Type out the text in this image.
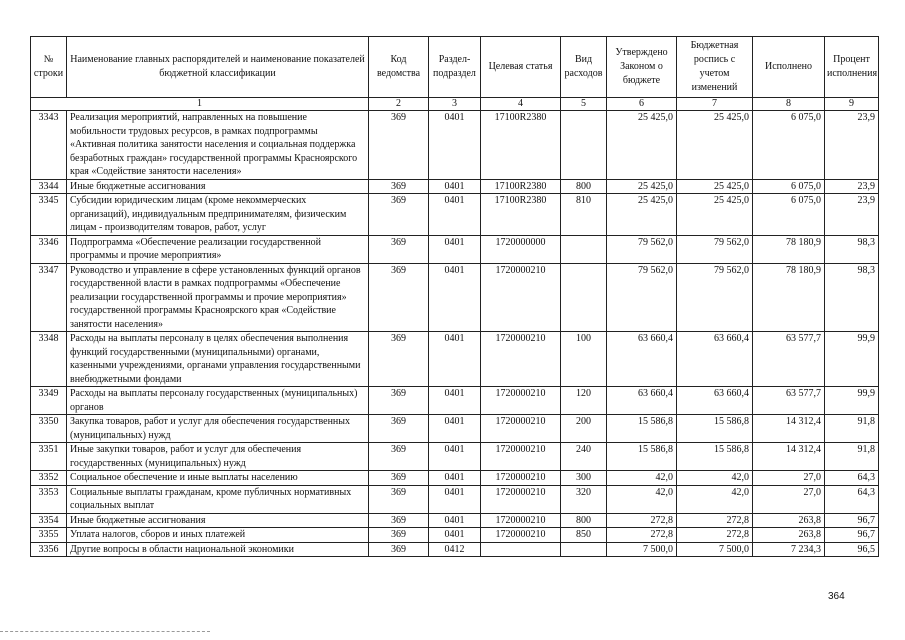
№ строки	Наименование главных распорядителей и наименование показателей бюджетной классификации	Код ведомства	Раздел-подраздел	Целевая статья	Вид расходов	Утверждено Законом о бюджете	Бюджетная роспись с учетом изменений	Исполнено	Процент исполнения
1		2	3	4	5	6	7	8	9
3343	Реализация мероприятий, направленных на повышение мобильности трудовых ресурсов, в рамках подпрограммы «Активная политика занятости населения и социальная поддержка безработных граждан» государственной программы Красноярского края «Содействие занятости населения»	369	0401	17100R2380		25 425,0	25 425,0	6 075,0	23,9
3344	Иные бюджетные ассигнования	369	0401	17100R2380	800	25 425,0	25 425,0	6 075,0	23,9
3345	Субсидии юридическим лицам (кроме некоммерческих организаций), индивидуальным предпринимателям, физическим лицам - производителям товаров, работ, услуг	369	0401	17100R2380	810	25 425,0	25 425,0	6 075,0	23,9
3346	Подпрограмма «Обеспечение реализации государственной программы и прочие мероприятия»	369	0401	1720000000		79 562,0	79 562,0	78 180,9	98,3
3347	Руководство и управление в сфере установленных функций органов государственной власти в рамках подпрограммы «Обеспечение реализации государственной программы и прочие мероприятия» государственной программы Красноярского края «Содействие занятости населения»	369	0401	1720000210		79 562,0	79 562,0	78 180,9	98,3
3348	Расходы на выплаты персоналу в целях обеспечения выполнения функций государственными (муниципальными) органами, казенными учреждениями, органами управления государственными внебюджетными фондами	369	0401	1720000210	100	63 660,4	63 660,4	63 577,7	99,9
3349	Расходы на выплаты персоналу государственных (муниципальных) органов	369	0401	1720000210	120	63 660,4	63 660,4	63 577,7	99,9
3350	Закупка товаров, работ и услуг для обеспечения государственных (муниципальных) нужд	369	0401	1720000210	200	15 586,8	15 586,8	14 312,4	91,8
3351	Иные закупки товаров, работ и услуг для обеспечения государственных (муниципальных) нужд	369	0401	1720000210	240	15 586,8	15 586,8	14 312,4	91,8
3352	Социальное обеспечение и иные выплаты населению	369	0401	1720000210	300	42,0	42,0	27,0	64,3
3353	Социальные выплаты гражданам, кроме публичных нормативных социальных выплат	369	0401	1720000210	320	42,0	42,0	27,0	64,3
3354	Иные бюджетные ассигнования	369	0401	1720000210	800	272,8	272,8	263,8	96,7
3355	Уплата налогов, сборов и иных платежей	369	0401	1720000210	850	272,8	272,8	263,8	96,7
3356	Другие вопросы в области национальной экономики	369	0412			7 500,0	7 500,0	7 234,3	96,5
364
